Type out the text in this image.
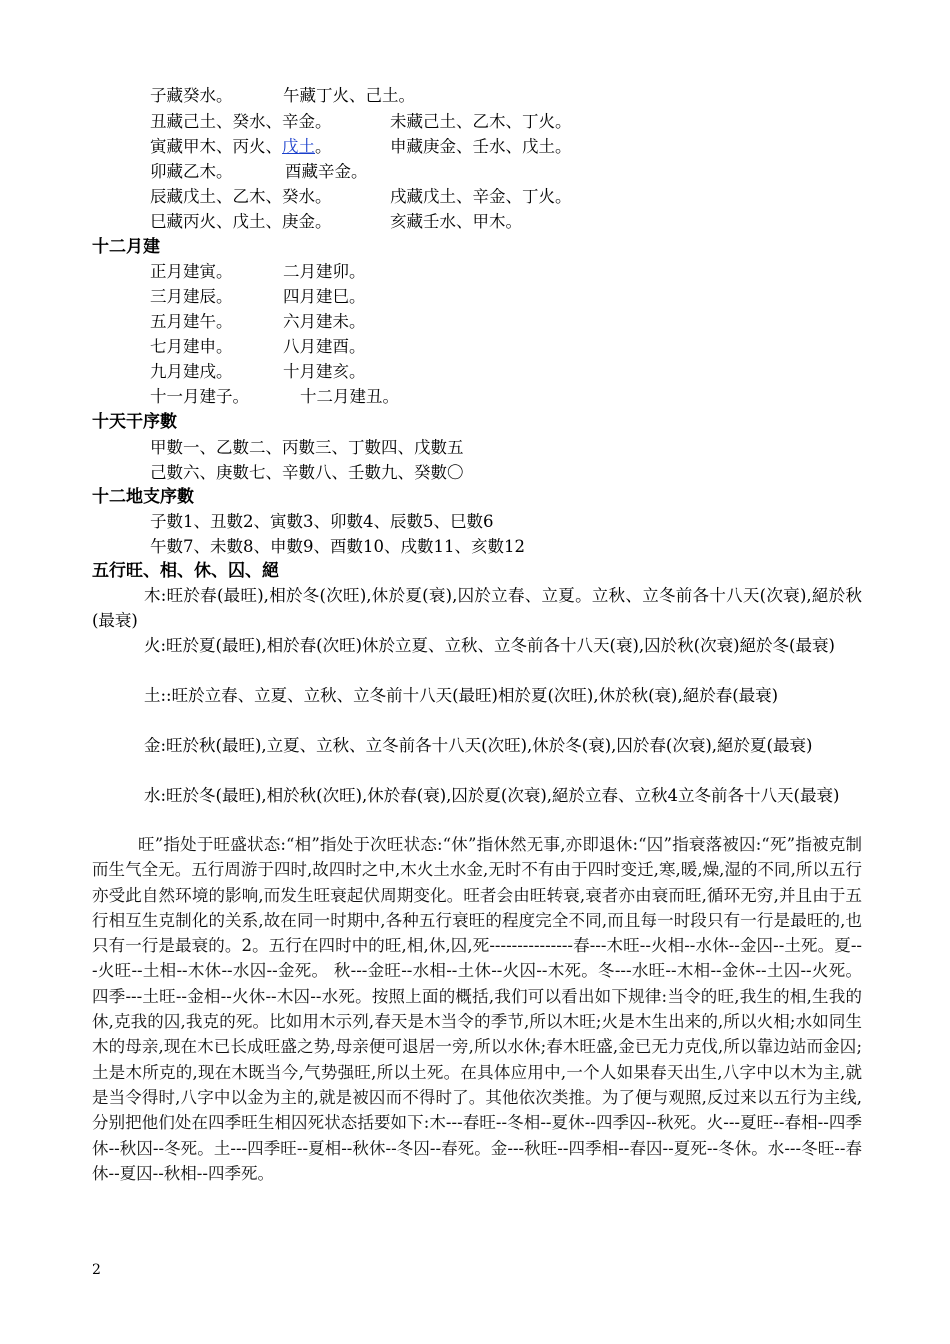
子藏癸水。	午藏丁火、己土。
丑藏己土、癸水、辛金。	未藏己土、乙木、丁火。
寅藏甲木、丙火、戊土。	申藏庚金、壬水、戊土。
卯藏乙木。	酉藏辛金。
辰藏戊土、乙木、癸水。	戌藏戊土、辛金、丁火。
巳藏丙火、戊土、庚金。	亥藏壬水、甲木。
十二月建
正月建寅。	二月建卯。
三月建辰。	四月建巳。
五月建午。	六月建未。
七月建申。	八月建酉。
九月建戌。	十月建亥。
十一月建子。	十二月建丑。
十天干序數
甲數一、乙數二、丙數三、丁數四、戊數五
己數六、庚數七、辛數八、壬數九、癸數〇
十二地支序數
子數1、丑數2、寅數3、卯數4、辰數5、巳數6
午數7、未數8、申數9、酉數10、戌數11、亥數12
五行旺、相、休、囚、絕
木:旺於春(最旺),相於冬(次旺),休於夏(衰),囚於立春、立夏。立秋、立冬前各十八天(次衰),絕於秋(最衰)
火:旺於夏(最旺),相於春(次旺)休於立夏、立秋、立冬前各十八天(衰),囚於秋(次衰)絕於冬(最衰)
土::旺於立春、立夏、立秋、立冬前十八天(最旺)相於夏(次旺),休於秋(衰),絕於春(最衰)
金:旺於秋(最旺),立夏、立秋、立冬前各十八天(次旺),休於冬(衰),囚於春(次衰),絕於夏(最衰)
水:旺於冬(最旺),相於秋(次旺),休於春(衰),囚於夏(次衰),絕於立春、立秋4立冬前各十八天(最衰)
旺”指处于旺盛状态:“相”指处于次旺状态:“休”指休然无事,亦即退休:“囚”指衰落被囚:“死”指被克制而生气全无。五行周游于四时,故四时之中,木火土水金,无时不有由于四时变迁,寒,暖,燥,湿的不同,所以五行亦受此自然环境的影响,而发生旺衰起伏周期变化。旺者会由旺转衰,衰者亦由衰而旺,循环无穷,并且由于五行相互生克制化的关系,故在同一时期中,各种五行衰旺的程度完全不同,而且每一时段只有一行是最旺的,也只有一行是最衰的。2。五行在四时中的旺,相,休,囚,死---------------春---木旺--火相--水休--金囚--土死。夏---火旺--土相--木休--水囚--金死。 秋---金旺--水相--土休--火囚--木死。冬---水旺--木相--金休--土囚--火死。四季---土旺--金相--火休--木囚--水死。按照上面的概括,我们可以看出如下规律:当令的旺,我生的相,生我的休,克我的囚,我克的死。比如用木示列,春天是木当令的季节,所以木旺;火是木生出来的,所以火相;水如同生木的母亲,现在木已长成旺盛之势,母亲便可退居一旁,所以水休;春木旺盛,金已无力克伐,所以靠边站而金囚;土是木所克的,现在木既当今,气势强旺,所以土死。在具体应用中,一个人如果春天出生,八字中以木为主,就是当令得时,八字中以金为主的,就是被囚而不得时了。其他依次类推。为了便与观照,反过来以五行为主线,分别把他们处在四季旺生相囚死状态括要如下:木---春旺--冬相--夏休--四季囚--秋死。火---夏旺--春相--四季休--秋囚--冬死。土---四季旺--夏相--秋休--冬囚--春死。金---秋旺--四季相--春囚--夏死--冬休。水---冬旺--春休--夏囚--秋相--四季死。
2
